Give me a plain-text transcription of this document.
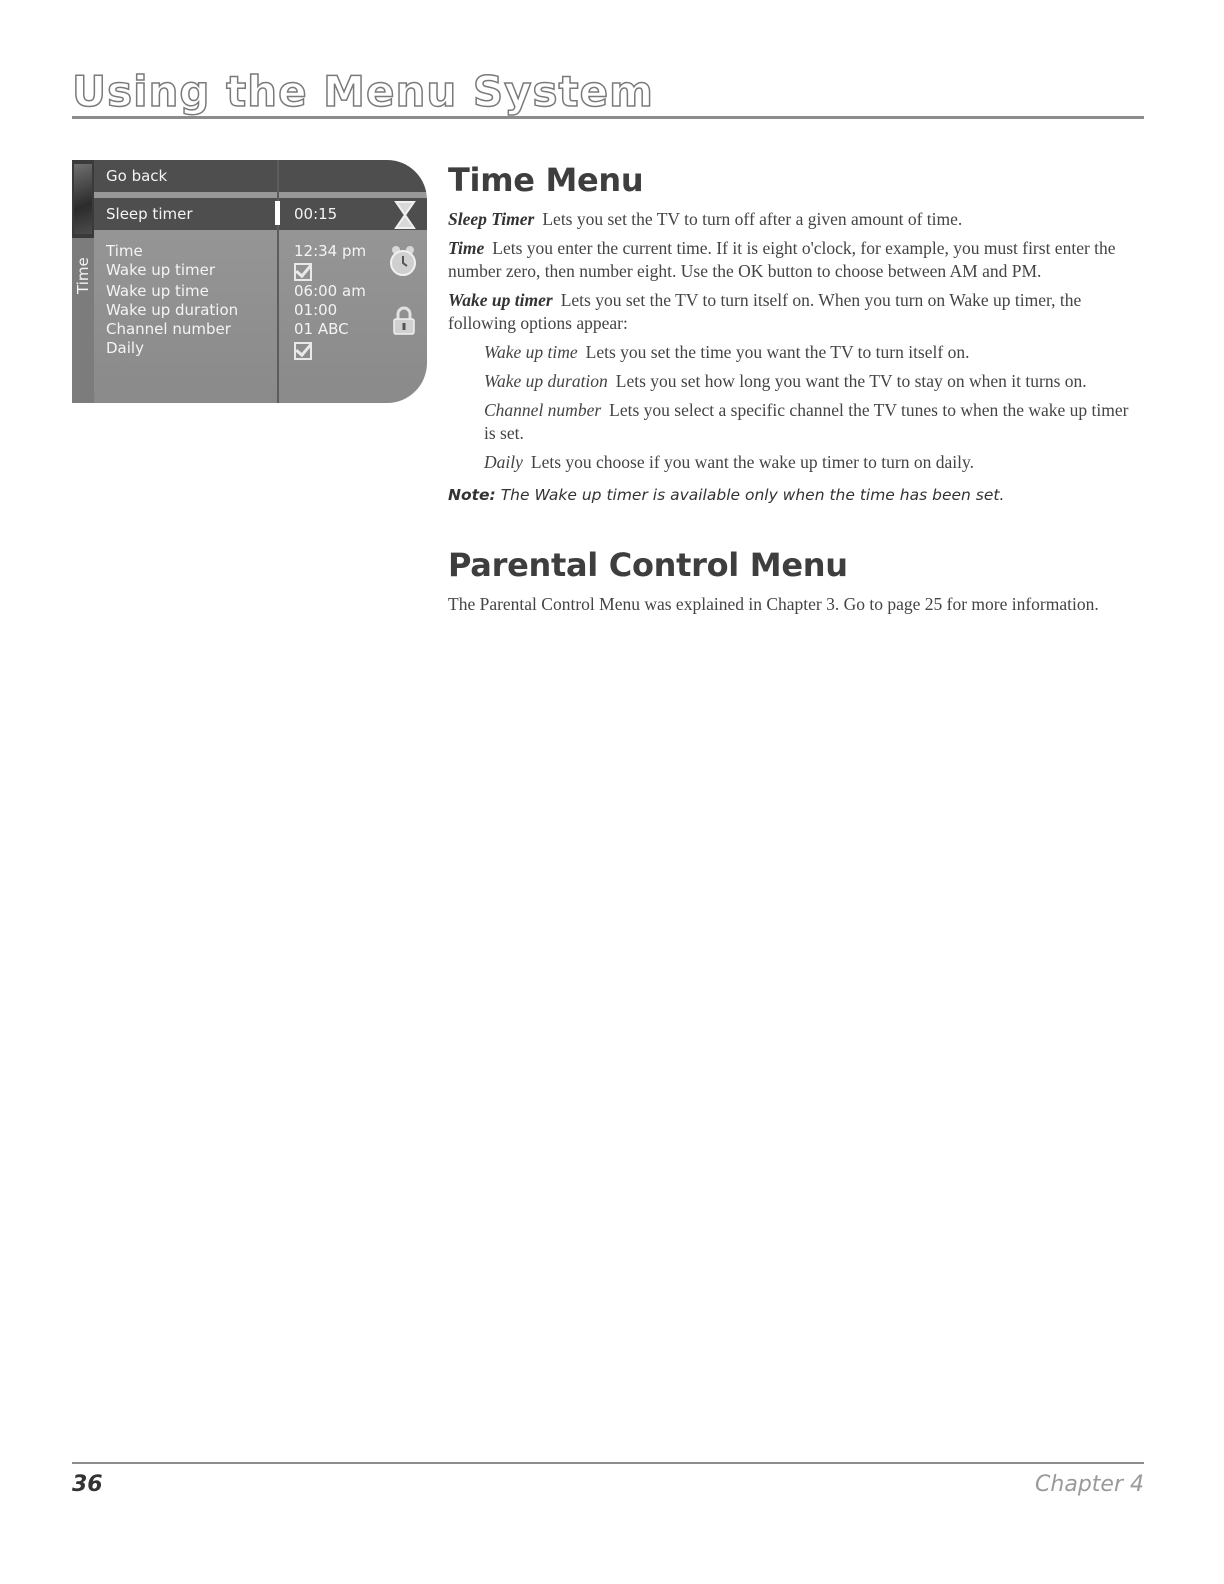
Using the Menu System
Time
Go back
Sleep timer	00:15
Time	12:34 pm
Wake up timer
Wake up time	06:00 am
Wake up duration	01:00
Channel number	01 ABC
Daily
Time Menu

Sleep Timer Lets you set the TV to turn off after a given amount of time.

Time Lets you enter the current time. If it is eight o'clock, for example, you must first enter the number zero, then number eight. Use the OK button to choose between AM and PM.

Wake up timer Lets you set the TV to turn itself on. When you turn on Wake up timer, the following options appear:

Wake up time Lets you set the time you want the TV to turn itself on.

Wake up duration Lets you set how long you want the TV to stay on when it turns on.

Channel number Lets you select a specific channel the TV tunes to when the wake up timer is set.

Daily Lets you choose if you want the wake up timer to turn on daily.

Note: The Wake up timer is available only when the time has been set.

Parental Control Menu

The Parental Control Menu was explained in Chapter 3. Go to page 25 for more information.

36	Chapter 4
